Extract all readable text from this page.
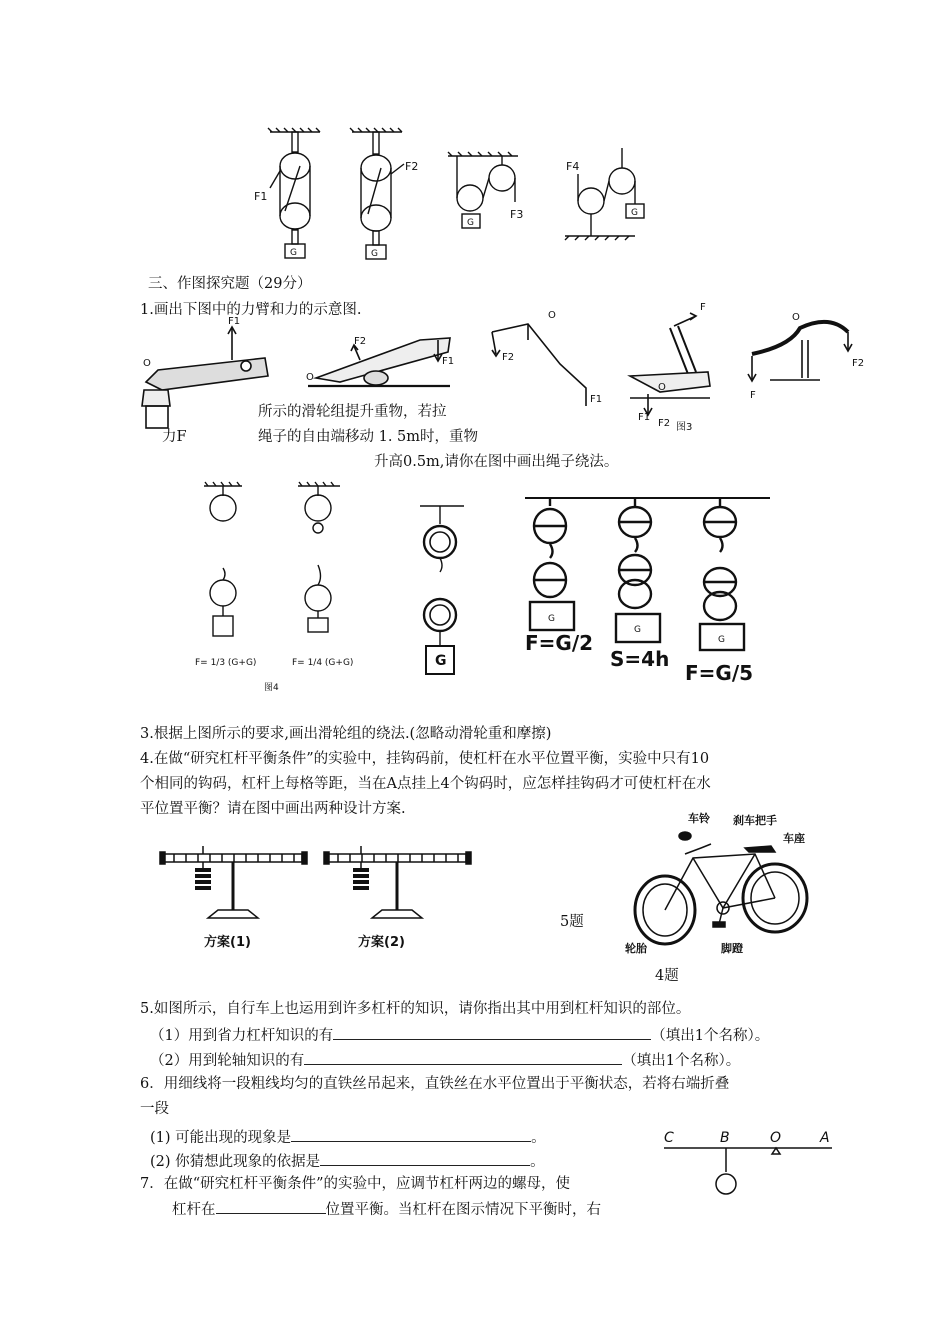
F1
F2
F3
F4
G	G
G
G
三、作图探究题（29分）
1.画出下图中的力臂和力的示意图.
O
F1
O
F2
F1
O
F2
F1
F
O
F1
F2 图3
O
F
F2
所示的滑轮组提升重物，若拉
力F	绳子的自由端移动 1. 5m时，重物
升高0.5m,请你在图中画出绳子绕法。
F= 1/3 (G+G)	F= 1/4 (G+G)
图4
G
G
G
G
F=G/2
S=4h
F=G/5
3.根据上图所示的要求,画出滑轮组的绕法.(忽略动滑轮重和摩擦)
4.在做“研究杠杆平衡条件”的实验中，挂钩码前，使杠杆在水平位置平衡，实验中只有10
个相同的钩码，杠杆上每格等距，当在A点挂上4个钩码时，应怎样挂钩码才可使杠杆在水
平位置平衡？请在图中画出两种设计方案.
方案(1)	方案(2)
车铃 刹车把手
车座
轮胎	脚蹬
5题
4题
5.如图所示，自行车上也运用到许多杠杆的知识，请你指出其中用到杠杆知识的部位。
（1）用到省力杠杆知识的有	（填出1个名称）。
（2）用到轮轴知识的有	（填出1个名称）。
6．用细线将一段粗线均匀的直铁丝吊起来，直铁丝在水平位置出于平衡状态，若将右端折叠
一段
(1) 可能出现的现象是	。
(2) 你猜想此现象的依据是	。
C	B	O	A
7．在做“研究杠杆平衡条件”的实验中，应调节杠杆两边的螺母，使
杠杆在	位置平衡。当杠杆在图示情况下平衡时，右
